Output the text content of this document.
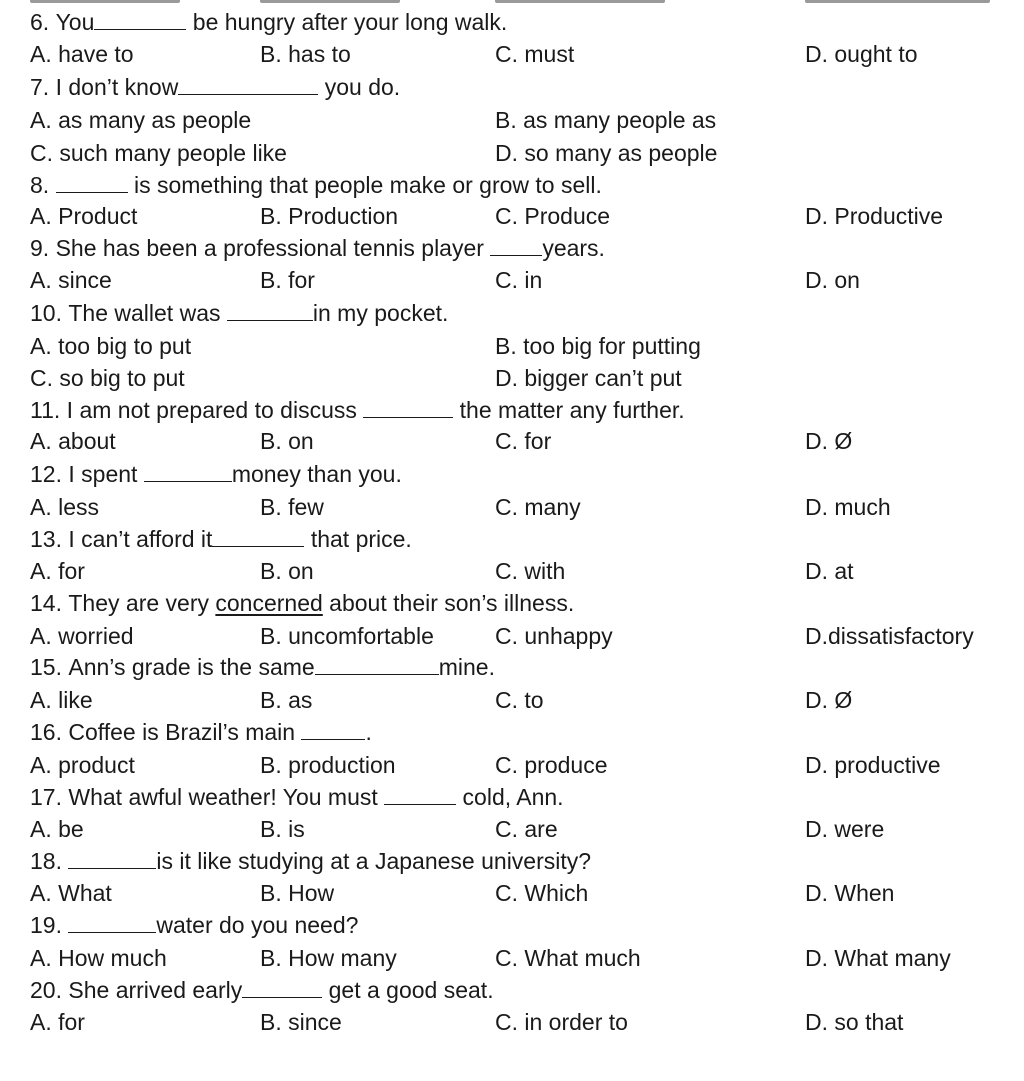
6. You	be hungry after your long walk.
A. have to	B. has to	C. must	D. ought to
7. I don’t know	you do.
A. as many as people	B. as many people as
C. such many people like	D. so many as people
8.	is something that people make or grow to sell.
A. Product	B. Production	C. Produce	D. Productive
9. She has been a professional tennis player	years.
A. since	B. for	C. in	D. on
10. The wallet was	in my pocket.
A. too big to put	B. too big for putting
C. so big to put	D. bigger can’t put
11. I am not prepared to discuss	the matter any further.
A. about	B. on	C. for	D. Ø
12. I spent	money than you.
A. less	B. few	C. many	D. much
13. I can’t afford it	that price.
A. for	B. on	C. with	D. at
14. They are very concerned about their son’s illness.
A. worried	B. uncomfortable	C. unhappy	D.dissatisfactory
15. Ann’s grade is the same	mine.
A. like	B. as	C. to	D. Ø
16. Coffee is Brazil’s main	.
A. product	B. production	C. produce	D. productive
17. What awful weather! You must	cold, Ann.
A. be	B. is	C. are	D. were
18.	is it like studying at a Japanese university?
A. What	B. How	C. Which	D. When
19.	water do you need?
A. How much	B. How many	C. What much	D. What many
20. She arrived early	get a good seat.
A. for	B. since	C. in order to	D. so that
